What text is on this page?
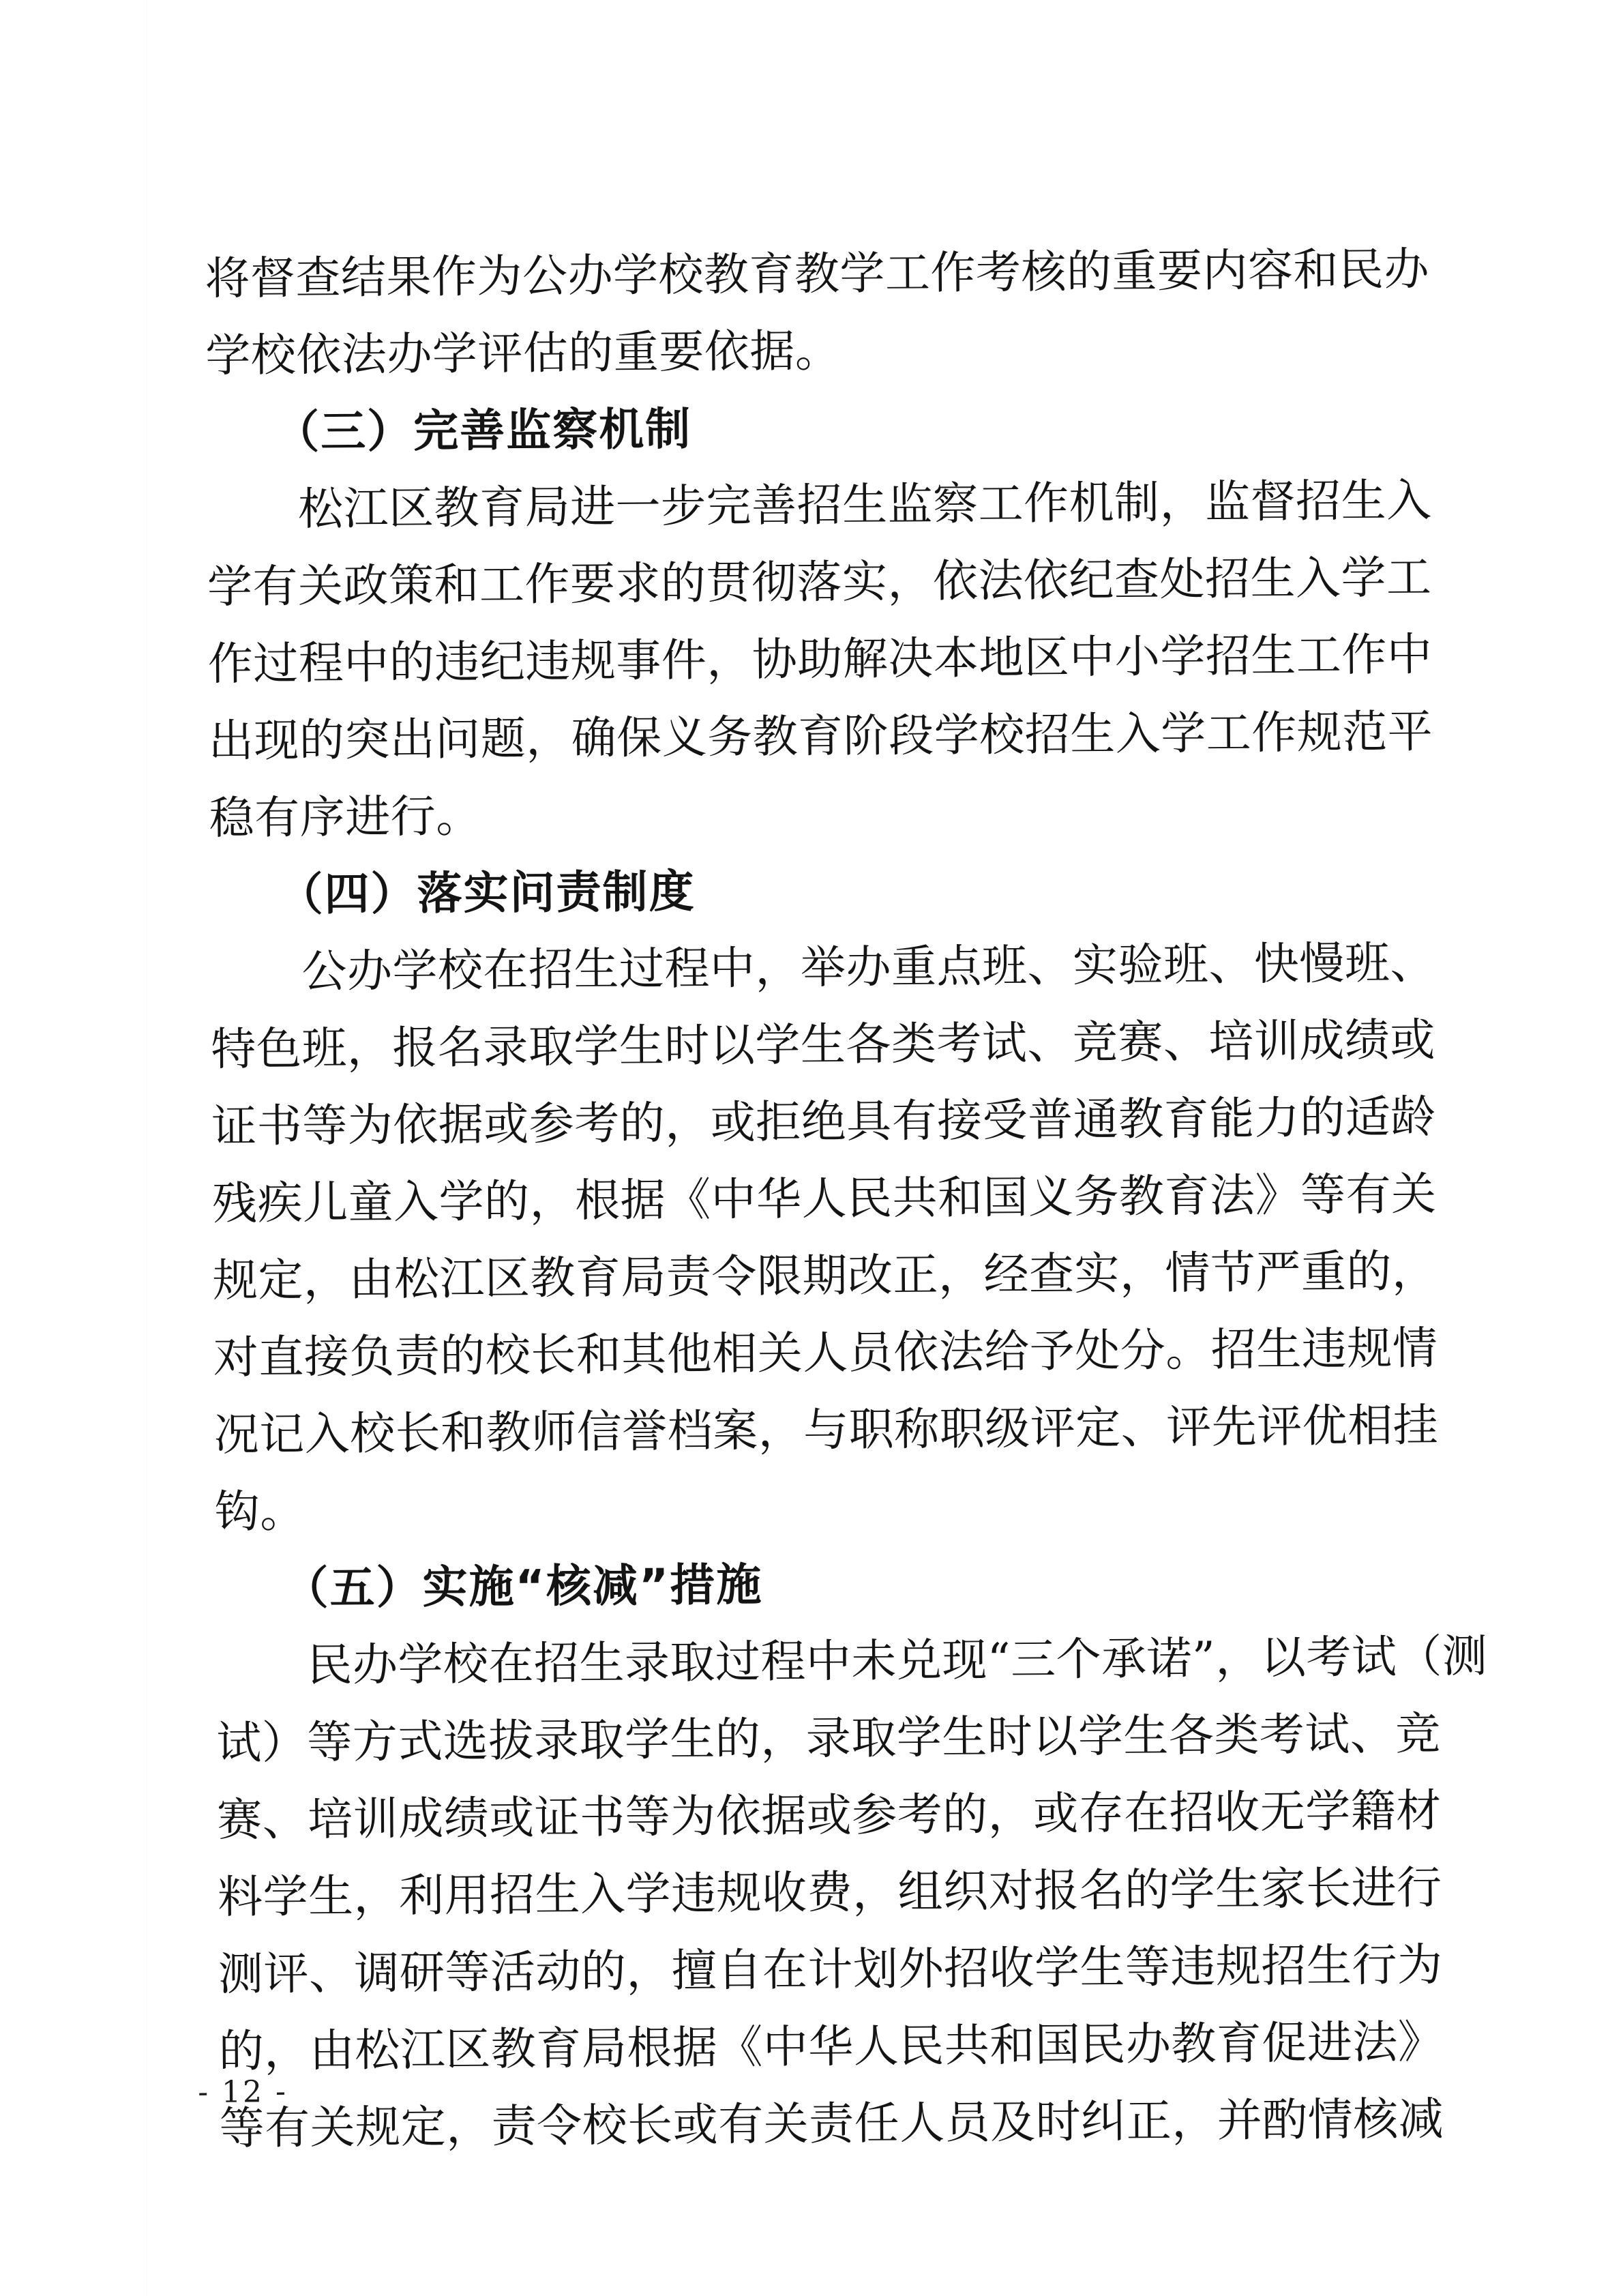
将 督 查 结 果 作 为 公 办 学 校 教 育 教 学 工 作 考 核 的 重 要 内 容 和 民 办
学校依法办学评估的重要依据。
（三）完善监察机制
松江区教育局进一步完善招生监察工作机制，监督招生入
学 有 关 政 策 和 工 作 要 求 的 贯 彻 落 实 ， 依 法 依 纪 查 处 招 生 入 学 工
作 过 程 中 的 违 纪 违 规 事 件 ， 协 助 解 决 本 地 区 中 小 学 招 生 工 作 中
出 现 的 突 出 问 题 ， 确 保 义 务 教 育 阶 段 学 校 招 生 入 学 工 作 规 范 平
稳有序进行。
（四）落实问责制度
公办学校在招生过程中，举办重点班、实验班、快慢班、
特 色 班 ， 报 名 录 取 学 生 时 以 学 生 各 类 考 试 、 竞 赛 、 培 训 成 绩 或
证 书 等 为 依 据 或 参 考 的 ， 或 拒 绝 具 有 接 受 普 通 教 育 能 力 的 适 龄
残 疾 儿 童 入 学 的 ， 根 据 《 中 华 人 民 共 和 国 义 务 教 育 法 》 等 有 关
规 定 ， 由 松 江 区 教 育 局 责 令 限 期 改 正 ， 经 查 实 ， 情 节 严 重 的 ，
对 直 接 负 责 的 校 长 和 其 他 相 关 人 员 依 法 给 予 处 分 。 招 生 违 规 情
况 记 入 校 长 和 教 师 信 誉 档 案 ， 与 职 称 职 级 评 定 、 评 先 评 优 相 挂
钩。
（五）实施“核减”措施
民办学校在招生录取过程中未兑现“三个承诺”，以考试（测
试 ） 等 方 式 选 拔 录 取 学 生 的 ， 录 取 学 生 时 以 学 生 各 类 考 试 、 竞
赛 、 培 训 成 绩 或 证 书 等 为 依 据 或 参 考 的 ， 或 存 在 招 收 无 学 籍 材
料 学 生 ， 利 用 招 生 入 学 违 规 收 费 ， 组 织 对 报 名 的 学 生 家 长 进 行
测 评 、 调 研 等 活 动 的 ， 擅 自 在 计 划 外 招 收 学 生 等 违 规 招 生 行 为
的 ， 由 松 江 区 教 育 局 根 据 《 中 华 人 民 共 和 国 民 办 教 育 促 进 法 》
等 有 关 规 定 ， 责 令 校 长 或 有 关 责 任 人 员 及 时 纠 正 ， 并 酌 情 核 减
- 12 -
